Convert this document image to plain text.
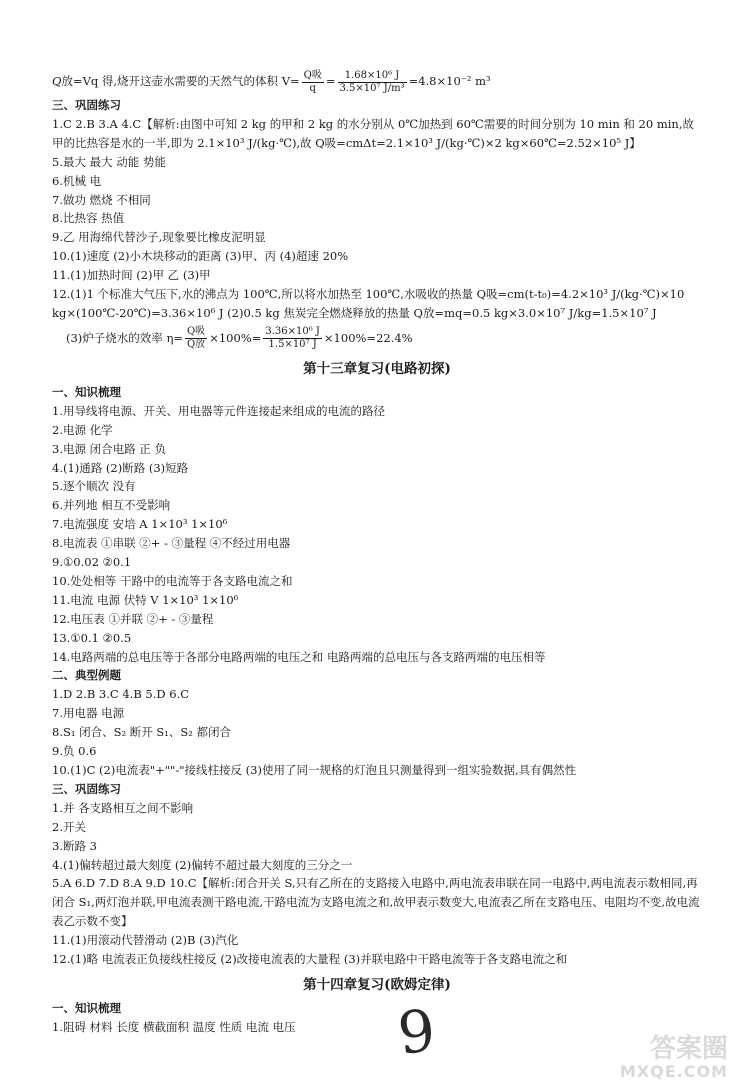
Q放=Vq 得,烧开这壶水需要的天然气的体积 $V= \frac{\text{Q吸}}{q} = \frac{\text{1.68×10⁶ J}}{\text{3.5×10⁷ J/m³}} =4.8\times 10^{-2}$ m³
三、巩固练习
1.C 2.B 3.A 4.C【解析:由图中可知 2 kg 的甲和 2 kg 的水分别从 0℃加热到 60℃需要的时间分别为 10 min 和 20 min,故甲的比热容是水的一半,即为 2.1×10³ J/(kg·℃),故 Q吸=cmΔt=2.1×10³ J/(kg·℃)×2 kg×60℃=2.52×10⁵ J】
5.最大 最大 动能 势能
6.机械 电
7.做功 燃烧 不相同
8.比热容 热值
9.乙 用海绵代替沙子,现象要比橡皮泥明显
10.(1)速度 (2)小木块移动的距离 (3)甲、丙 (4)超速 20%
11.(1)加热时间 (2)甲 乙 (3)甲
12.(1)1 个标准大气压下,水的沸点为 100℃,所以将水加热至 100℃,水吸收的热量 Q吸=cm(t-t₀)=4.2×10³ J/(kg·℃)×10 kg×(100℃-20℃)=3.36×10⁶ J (2)0.5 kg 焦炭完全燃烧释放的热量 Q放=mq=0.5 kg×3.0×10⁷ J/kg=1.5×10⁷ J
(3)炉子烧水的效率 $\eta= \frac{\text{Q吸}}{\text{Q放}} \times 100\%= \frac{\text{3.36×10⁶ J}}{\text{1.5×10⁷ J}} \times 100\%=22.4\%$
第十三章复习(电路初探)
一、知识梳理
1.用导线将电源、开关、用电器等元件连接起来组成的电流的路径
2.电源 化学
3.电源 闭合电路 正 负
4.(1)通路 (2)断路 (3)短路
5.逐个顺次 没有
6.并列地 相互不受影响
7.电流强度 安培 A 1×10³ 1×10⁶
8.电流表 ①串联 ②+ - ③量程 ④不经过用电器
9.①0.02 ②0.1
10.处处相等 干路中的电流等于各支路电流之和
11.电流 电源 伏特 V 1×10³ 1×10⁶
12.电压表 ①并联 ②+ - ③量程
13.①0.1 ②0.5
14.电路两端的总电压等于各部分电路两端的电压之和 电路两端的总电压与各支路两端的电压相等
二、典型例题
1.D 2.B 3.C 4.B 5.D 6.C
7.用电器 电源
8.S₁ 闭合、S₂ 断开 S₁、S₂ 都闭合
9.负 0.6
10.(1)C (2)电流表"+""-"接线柱接反 (3)使用了同一规格的灯泡且只测量得到一组实验数据,具有偶然性
三、巩固练习
1.并 各支路相互之间不影响
2.开关
3.断路 3
4.(1)偏转超过最大刻度 (2)偏转不超过最大刻度的三分之一
5.A 6.D 7.D 8.A 9.D 10.C【解析:闭合开关 S,只有乙所在的支路接入电路中,两电流表串联在同一电路中,两电流表示数相同,再闭合 S₁,两灯泡并联,甲电流表测干路电流,干路电流为支路电流之和,故甲表示数变大,电流表乙所在支路电压、电阻均不变,故电流表乙示数不变】
11.(1)用滚动代替滑动 (2)B (3)汽化
12.(1)略 电流表正负接线柱接反 (2)改接电流表的大量程 (3)并联电路中干路电流等于各支路电流之和
第十四章复习(欧姆定律)
一、知识梳理
1.阻碍 材料 长度 横截面积 温度 性质 电流 电压	9	答案圈
MXQE.COM
